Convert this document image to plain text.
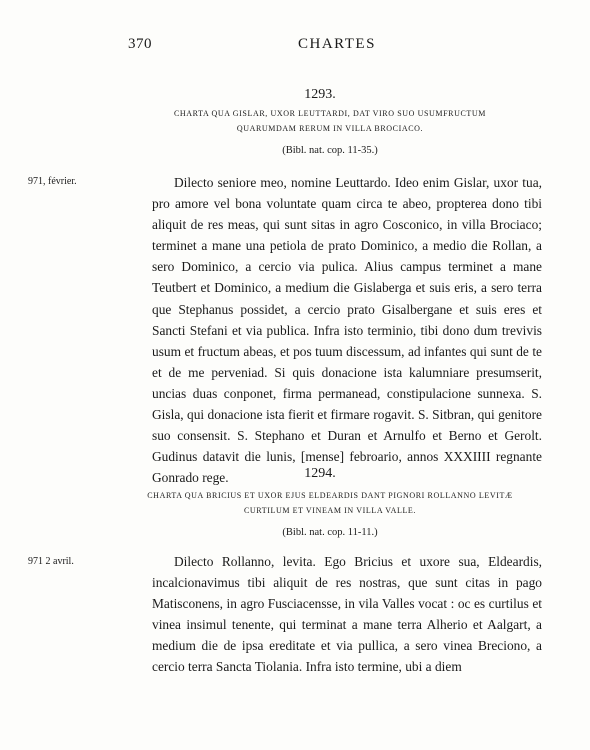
370	CHARTES
1293.
CHARTA QUA GISLAR, UXOR LEUTTARDI, DAT VIRO SUO USUMFRUCTUM
QUARUMDAM RERUM IN VILLA BROCIACO.
(Bibl. nat. cop. 11-35.)
971, février.	Dilecto seniore meo, nomine Leuttardo. Ideo enim Gislar, uxor tua, pro amore vel bona voluntate quam circa te abeo, propterea dono tibi aliquit de res meas, qui sunt sitas in agro Cosconico, in villa Brociaco; terminet a mane una petiola de prato Dominico, a medio die Rollan, a sero Dominico, a cercio via pulica. Alius campus terminet a mane Teutbert et Dominico, a medium die Gislaberga et suis eris, a sero terra que Stephanus possidet, a cercio prato Gisalbergane et suis eres et Sancti Stefani et via publica. Infra isto terminio, tibi dono dum trevivis usum et fructum abeas, et pos tuum discessum, ad infantes qui sunt de te et de me perveniad. Si quis donacione ista kalumniare presumserit, uncias duas conponet, firma permanead, constipulacione sunnexa. S. Gisla, qui donacione ista fierit et firmare rogavit. S. Sitbran, qui genitore suo consensit. S. Stephano et Duran et Arnulfo et Berno et Gerolt. Gudinus datavit die lunis, [mense] febroario, annos XXXIIII regnante Gonrado rege.	1294.
CHARTA QUA BRICIUS ET UXOR EJUS ELDEARDIS DANT PIGNORI ROLLANNO LEVITÆ
CURTILUM ET VINEAM IN VILLA VALLE.
(Bibl. nat. cop. 11-11.)
971 2 avril.	Dilecto Rollanno, levita. Ego Bricius et uxore sua, Eldeardis, incalcionavimus tibi aliquit de res nostras, que sunt citas in pago Matisconens, in agro Fusciacensse, in vila Valles vocat : oc es curtilus et vinea insimul tenente, qui terminat a mane terra Alherio et Aalgart, a medium die de ipsa ereditate et via pullica, a sero vinea Breciono, a cercio terra Sancta Tiolania. Infra isto termine, ubi a diem
